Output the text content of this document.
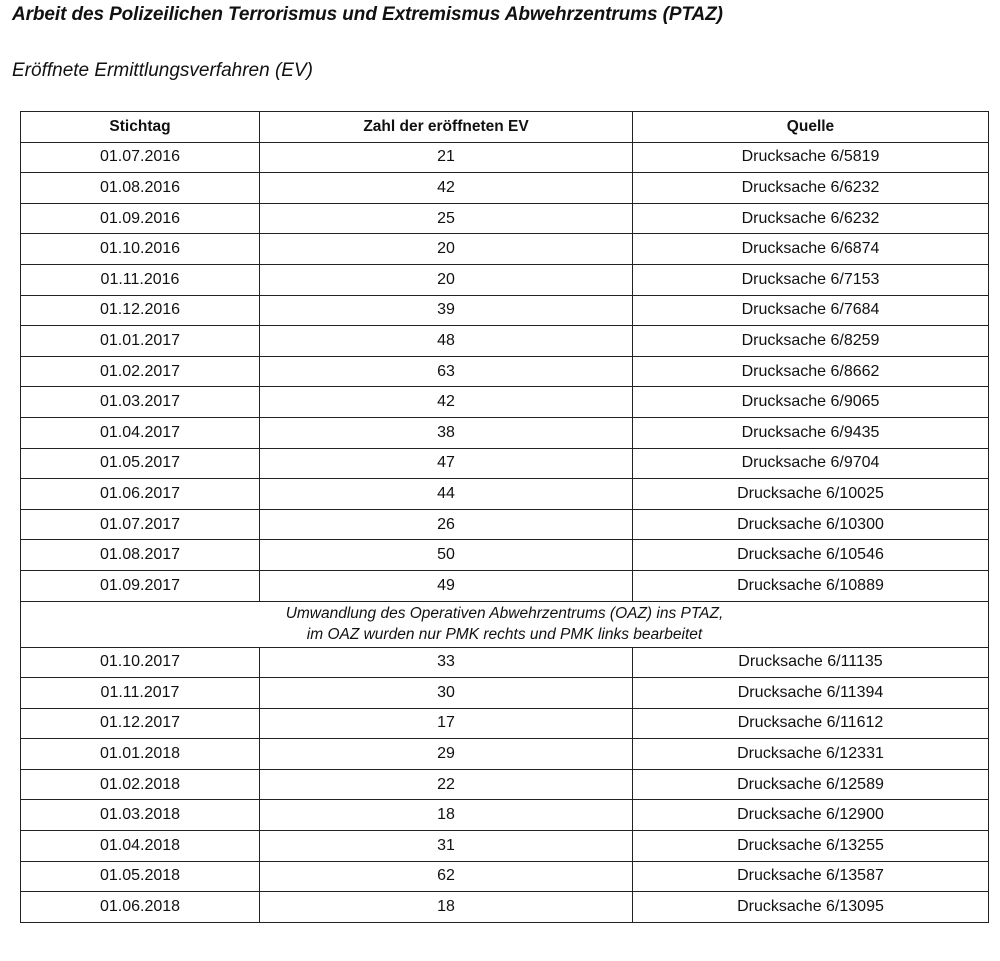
Arbeit des Polizeilichen Terrorismus und Extremismus Abwehrzentrums (PTAZ)
Eröffnete Ermittlungsverfahren (EV)
Stichtag	Zahl der eröffneten EV	Quelle
01.07.2016	21	Drucksache 6/5819
01.08.2016	42	Drucksache 6/6232
01.09.2016	25	Drucksache 6/6232
01.10.2016	20	Drucksache 6/6874
01.11.2016	20	Drucksache 6/7153
01.12.2016	39	Drucksache 6/7684
01.01.2017	48	Drucksache 6/8259
01.02.2017	63	Drucksache 6/8662
01.03.2017	42	Drucksache 6/9065
01.04.2017	38	Drucksache 6/9435
01.05.2017	47	Drucksache 6/9704
01.06.2017	44	Drucksache 6/10025
01.07.2017	26	Drucksache 6/10300
01.08.2017	50	Drucksache 6/10546
01.09.2017	49	Drucksache 6/10889

Umwandlung des Operativen Abwehrzentrums (OAZ) ins PTAZ,
im OAZ wurden nur PMK rechts und PMK links bearbeitet		

01.10.2017	33	Drucksache 6/11135
01.11.2017	30	Drucksache 6/11394
01.12.2017	17	Drucksache 6/11612
01.01.2018	29	Drucksache 6/12331
01.02.2018	22	Drucksache 6/12589
01.03.2018	18	Drucksache 6/12900
01.04.2018	31	Drucksache 6/13255
01.05.2018	62	Drucksache 6/13587
01.06.2018	18	Drucksache 6/13095
